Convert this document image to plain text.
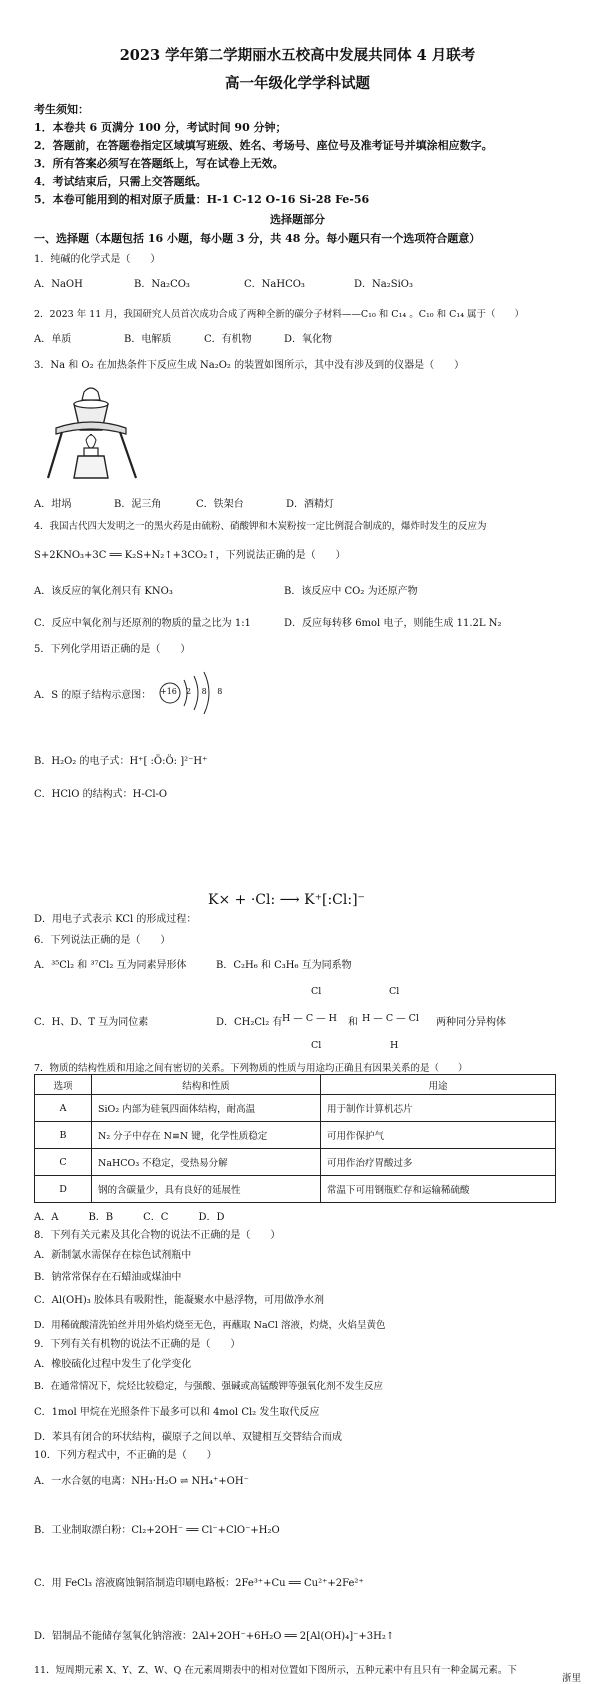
2023 学年第二学期丽水五校高中发展共同体 4 月联考
高一年级化学学科试题
考生须知：
1．本卷共 6 页满分 100 分，考试时间 90 分钟；
2．答题前，在答题卷指定区域填写班级、姓名、考场号、座位号及准考证号并填涂相应数字。
3．所有答案必须写在答题纸上，写在试卷上无效。
4．考试结束后，只需上交答题纸。
5．本卷可能用到的相对原子质量：H-1 C-12 O-16 Si-28 Fe-56
选择题部分
一、选择题（本题包括 16 小题，每小题 3 分，共 48 分。每小题只有一个选项符合题意）
1．纯碱的化学式是（　　）
A．NaOH	B．Na₂CO₃	C．NaHCO₃	D．Na₂SiO₃
2．2023 年 11 月，我国研究人员首次成功合成了两种全新的碳分子材料——C₁₀ 和 C₁₄ 。C₁₀ 和 C₁₄ 属于（　　）
A．单质	B．电解质	C．有机物	D．氧化物
3．Na 和 O₂ 在加热条件下反应生成 Na₂O₂ 的装置如图所示，其中没有涉及到的仪器是（　　）
A．坩埚	B．泥三角	C．铁架台	D．酒精灯
4．我国古代四大发明之一的黑火药是由硫粉、硝酸钾和木炭粉按一定比例混合制成的，爆炸时发生的反应为
S+2KNO₃+3C ══ K₂S+N₂↑+3CO₂↑，下列说法正确的是（　　）
A．该反应的氧化剂只有 KNO₃	B．该反应中 CO₂ 为还原产物
C．反应中氧化剂与还原剂的物质的量之比为 1:1	D．反应每转移 6mol 电子，则能生成 11.2L N₂
5．下列化学用语正确的是（　　）
A．S 的原子结构示意图： +16 2 8 8
B．H₂O₂ 的电子式：H⁺[ :Ö:Ö: ]²⁻H⁺
C．HClO 的结构式：H-Cl-O
D．用电子式表示 KCl 的形成过程：
K× + ·Cl: ⟶ K⁺[:Cl:]⁻
6．下列说法正确的是（　　）
A．³⁵Cl₂ 和 ³⁷Cl₂ 互为同素异形体	B．C₂H₆ 和 C₃H₆ 互为同系物
C．H、D、T 互为同位素	D．CH₂Cl₂ 有
Cl
H — C — H
Cl
和
Cl
H — C — Cl
H
两种同分异构体
7．物质的结构性质和用途之间有密切的关系。下列物质的性质与用途均正确且有因果关系的是（　　）
选项	结构和性质	用途
A	SiO₂ 内部为硅氧四面体结构，耐高温	用于制作计算机芯片
B	N₂ 分子中存在 N≡N 键，化学性质稳定	可用作保护气
C	NaHCO₃ 不稳定，受热易分解	可用作治疗胃酸过多
D	钢的含碳量少，具有良好的延展性	常温下可用钢瓶贮存和运输稀硫酸
A．A　　　B．B　　　C．C　　　D．D
8．下列有关元素及其化合物的说法不正确的是（　　）
A．新制氯水需保存在棕色试剂瓶中
B．钠常常保存在石蜡油或煤油中
C．Al(OH)₃ 胶体具有吸附性，能凝聚水中悬浮物，可用做净水剂
D．用稀硫酸清洗铂丝并用外焰灼烧至无色，再蘸取 NaCl 溶液，灼烧，火焰呈黄色
9．下列有关有机物的说法不正确的是（　　）
A．橡胶硫化过程中发生了化学变化
B．在通常情况下，烷烃比较稳定，与强酸、强碱或高锰酸钾等强氧化剂不发生反应
C．1mol 甲烷在光照条件下最多可以和 4mol Cl₂ 发生取代反应
D．苯具有闭合的环状结构，碳原子之间以单、双键相互交替结合而成
10．下列方程式中，不正确的是（　　）
A．一水合氨的电离：NH₃·H₂O ⇌ NH₄⁺+OH⁻
B．工业制取漂白粉：Cl₂+2OH⁻ ══ Cl⁻+ClO⁻+H₂O
C．用 FeCl₃ 溶液腐蚀铜箔制造印刷电路板：2Fe³⁺+Cu ══ Cu²⁺+2Fe²⁺
D．铝制品不能储存氢氧化钠溶液：2Al+2OH⁻+6H₂O ══ 2[Al(OH)₄]⁻+3H₂↑
11．短周期元素 X、Y、Z、W、Q 在元素周期表中的相对位置如下图所示，五种元素中有且只有一种金属元素。下
浙里
